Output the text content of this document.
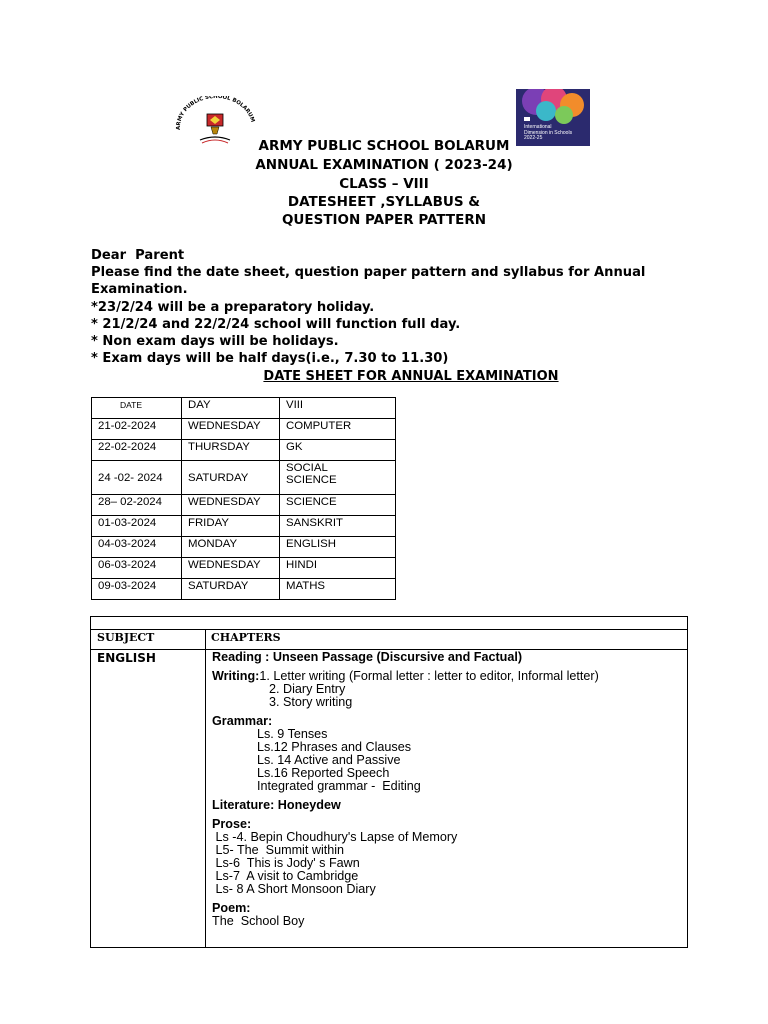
ARMY PUBLIC SCHOOL BOLARUM
International
Dimension in Schools
2022-25
ARMY PUBLIC SCHOOL BOLARUM
ANNUAL EXAMINATION ( 2023-24)
CLASS – VIII
DATESHEET ,SYLLABUS &
QUESTION PAPER PATTERN
Dear  Parent
Please find the date sheet, question paper pattern and syllabus for Annual
Examination.
*23/2/24 will be a preparatory holiday.
* 21/2/24 and 22/2/24 school will function full day.
* Non exam days will be holidays.
* Exam days will be half days(i.e., 7.30 to 11.30)
DATE SHEET FOR ANNUAL EXAMINATION
DATE	DAY	VIII
21-02-2024	WEDNESDAY	COMPUTER
22-02-2024	THURSDAY	GK
24 -02- 2024	SATURDAY	SOCIAL SCIENCE
28– 02-2024	WEDNESDAY	SCIENCE
01-03-2024	FRIDAY	SANSKRIT
04-03-2024	MONDAY	ENGLISH
06-03-2024	WEDNESDAY	HINDI
09-03-2024	SATURDAY	MATHS
SUBJECT	CHAPTERS
ENGLISH	Reading : Unseen Passage (Discursive and Factual)
Writing:1. Letter writing (Formal letter : letter to editor, Informal letter)
2. Diary Entry
3. Story writing
Grammar:
Ls. 9 Tenses
Ls.12 Phrases and Clauses
Ls. 14 Active and Passive
Ls.16 Reported Speech
Integrated grammar -  Editing
Literature: Honeydew
Prose:
Ls -4. Bepin Choudhury's Lapse of Memory
L5- The  Summit within
Ls-6  This is Jody' s Fawn
Ls-7  A visit to Cambridge
Ls- 8 A Short Monsoon Diary
Poem:
The  School Boy
